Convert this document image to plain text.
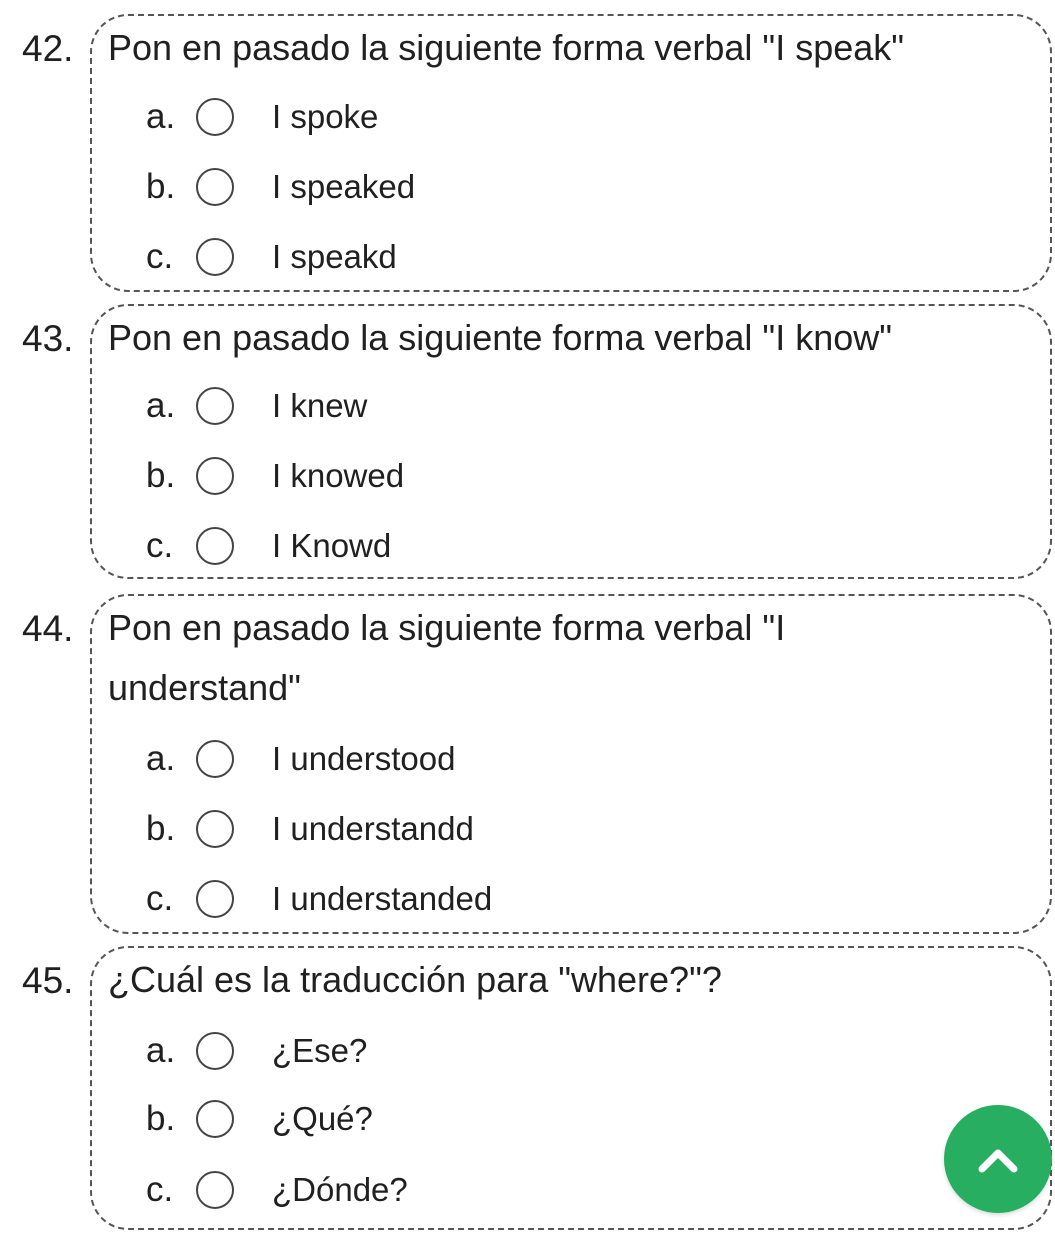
42. Pon en pasado la siguiente forma verbal "I speak"
a.	I spoke
b.	I speaked
c.	I speakd
43. Pon en pasado la siguiente forma verbal "I know"
a.	I knew
b.	I knowed
c.	I Knowd
44. Pon en pasado la siguiente forma verbal "I understand"
a.	I understood
b.	I understandd
c.	I understanded
45. ¿Cuál es la traducción para "where?"?
a.	¿Ese?
b.	¿Qué?
c.	¿Dónde?
